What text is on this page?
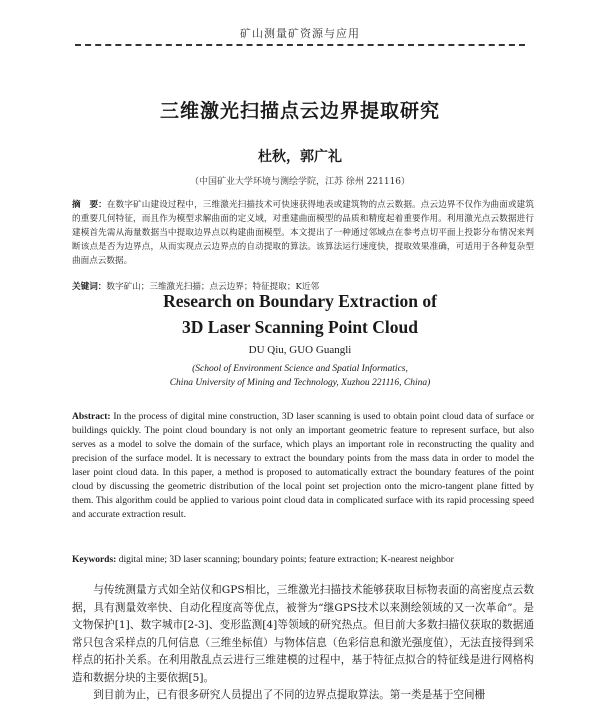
矿山测量矿资源与应用
三维激光扫描点云边界提取研究
杜秋，郭广礼
（中国矿业大学环境与测绘学院，江苏 徐州 221116）
摘　要：在数字矿山建设过程中，三维激光扫描技术可快速获得地表或建筑物的点云数据。点云边界不仅作为曲面或建筑的重要几何特征，而且作为模型求解曲面的定义域，对重建曲面模型的品质和精度起着重要作用。利用激光点云数据进行建模首先需从海量数据当中提取边界点以构建曲面模型。本文提出了一种通过邻域点在参考点切平面上投影分布情况来判断该点是否为边界点，从而实现点云边界点的自动提取的算法。该算法运行速度快，提取效果准确，可适用于各种复杂型曲面点云数据。
关键词：数字矿山；三维激光扫描；点云边界；特征提取；K近邻
Research on Boundary Extraction of
3D Laser Scanning Point Cloud
DU Qiu, GUO Guangli
(School of Environment Science and Spatial Informatics,
China University of Mining and Technology, Xuzhou 221116, China)
Abstract: In the process of digital mine construction, 3D laser scanning is used to obtain point cloud data of surface or buildings quickly. The point cloud boundary is not only an important geometric feature to represent surface, but also serves as a model to solve the domain of the surface, which plays an important role in reconstructing the quality and precision of the surface model. It is necessary to extract the boundary points from the mass data in order to model the laser point cloud data. In this paper, a method is proposed to automatically extract the boundary features of the point cloud by discussing the geometric distribution of the local point set projection onto the micro-tangent plane fitted by them. This algorithm could be applied to various point cloud data in complicated surface with its rapid processing speed and accurate extraction result.
Keywords: digital mine; 3D laser scanning; boundary points; feature extraction; K-nearest neighbor

与传统测量方式如全站仪和GPS相比，三维激光扫描技术能够获取目标物表面的高密度点云数据，具有测量效率快、自动化程度高等优点，被誉为“继GPS技术以来测绘领域的又一次革命”。是文物保护[1]、数字城市[2-3]、变形监测[4]等领域的研究热点。但目前大多数扫描仪获取的数据通常只包含采样点的几何信息（三维坐标值）与物体信息（色彩信息和激光强度值），无法直接得到采样点的拓扑关系。在利用散乱点云进行三维建模的过程中，基于特征点拟合的特征线是进行网格构造和数据分块的主要依据[5]。

到目前为止，已有很多研究人员提出了不同的边界点提取算法。第一类是基于空间栅
